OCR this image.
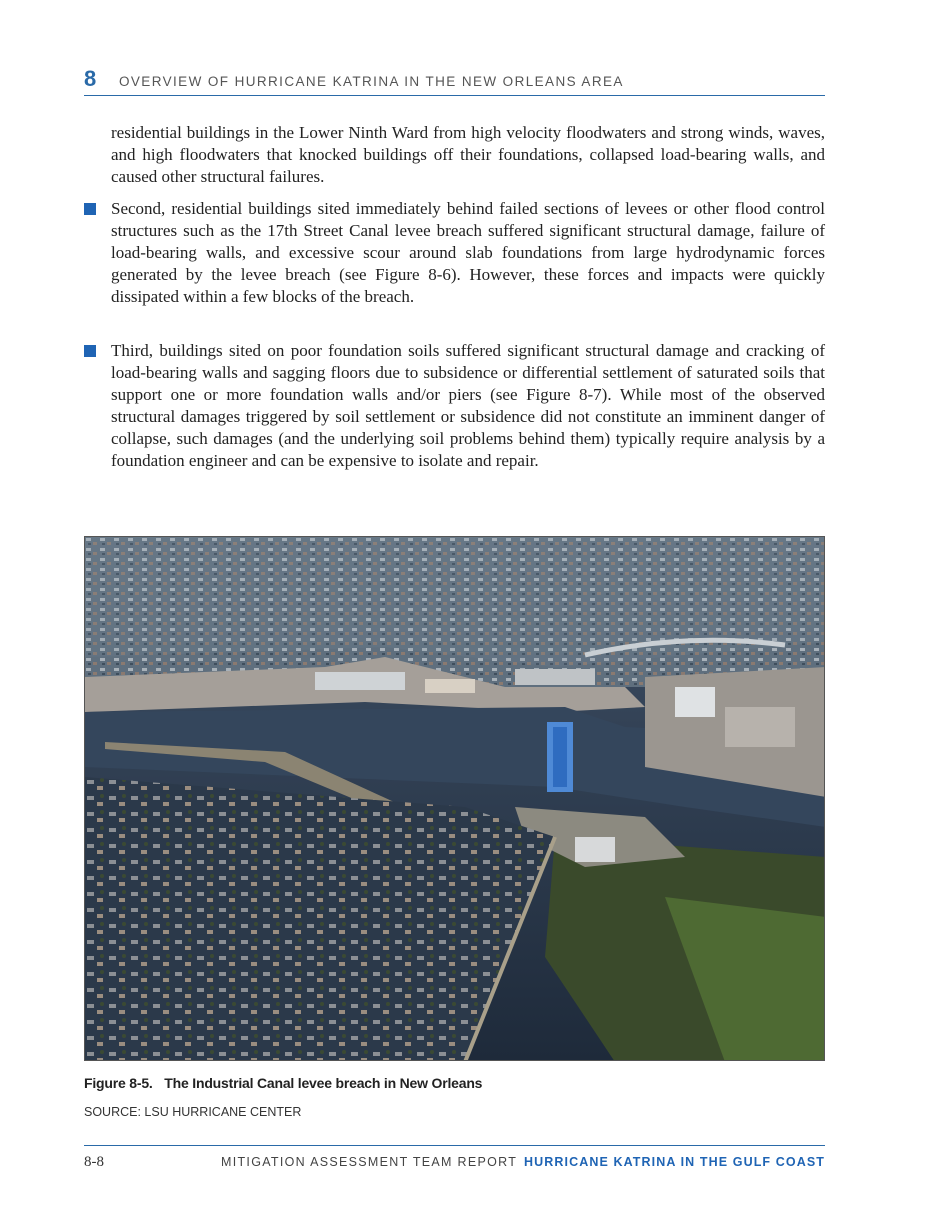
8 OVERVIEW OF HURRICANE KATRINA IN THE NEW ORLEANS AREA

residential buildings in the Lower Ninth Ward from high velocity floodwaters and strong winds, waves, and high floodwaters that knocked buildings off their foundations, collapsed load-bearing walls, and caused other structural failures.

Second, residential buildings sited immediately behind failed sections of levees or other flood control structures such as the 17th Street Canal levee breach suffered significant structural damage, failure of load-bearing walls, and excessive scour around slab foundations from large hydrodynamic forces generated by the levee breach (see Figure 8-6). However, these forces and impacts were quickly dissipated within a few blocks of the breach.

Third, buildings sited on poor foundation soils suffered significant structural damage and cracking of load-bearing walls and sagging floors due to subsidence or differential settlement of saturated soils that support one or more foundation walls and/or piers (see Figure 8-7). While most of the observed structural damages triggered by soil settlement or subsidence did not constitute an imminent danger of collapse, such damages (and the underlying soil problems behind them) typically require analysis by a foundation engineer and can be expensive to isolate and repair.

Figure 8-5. The Industrial Canal levee breach in New Orleans
SOURCE: LSU HURRICANE CENTER
8-8	MITIGATION ASSESSMENT TEAM REPORT HURRICANE KATRINA IN THE GULF COAST
